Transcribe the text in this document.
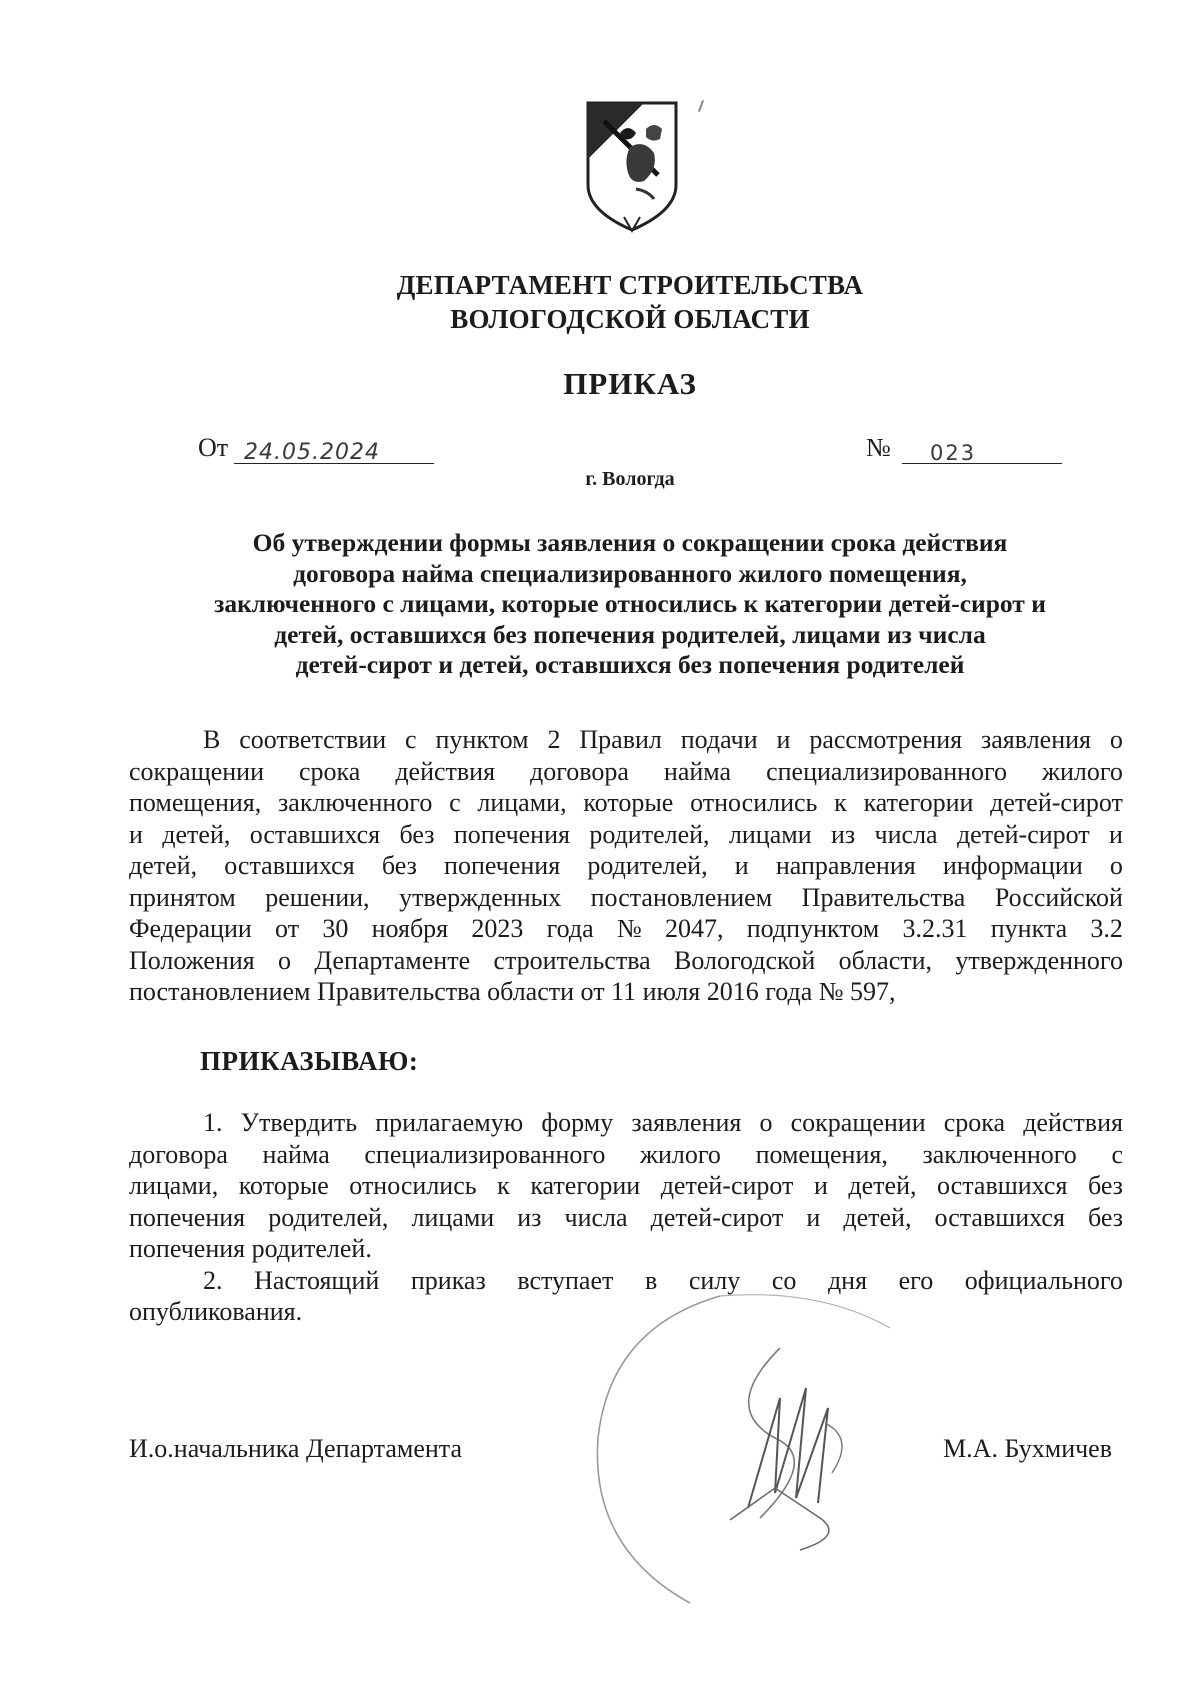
ДЕПАРТАМЕНТ СТРОИТЕЛЬСТВА
ВОЛОГОДСКОЙ ОБЛАСТИ
ПРИКАЗ
От 24.05.2024	№ 023
г. Вологда
Об утверждении формы заявления о сокращении срока действия
договора найма специализированного жилого помещения,
заключенного с лицами, которые относились к категории детей-сирот и
детей, оставшихся без попечения родителей, лицами из числа
детей-сирот и детей, оставшихся без попечения родителей
В соответствии с пунктом 2 Правил подачи и рассмотрения заявления о
сокращении срока действия договора найма специализированного жилого
помещения, заключенного с лицами, которые относились к категории детей-сирот
и детей, оставшихся без попечения родителей, лицами из числа детей-сирот и
детей, оставшихся без попечения родителей, и направления информации о
принятом решении, утвержденных постановлением Правительства Российской
Федерации от 30 ноября 2023 года № 2047, подпунктом 3.2.31 пункта 3.2
Положения о Департаменте строительства Вологодской области, утвержденного
постановлением Правительства области от 11 июля 2016 года № 597,
ПРИКАЗЫВАЮ:
1. Утвердить прилагаемую форму заявления о сокращении срока действия
договора найма специализированного жилого помещения, заключенного с
лицами, которые относились к категории детей-сирот и детей, оставшихся без
попечения родителей, лицами из числа детей-сирот и детей, оставшихся без
попечения родителей.
2. Настоящий приказ вступает в силу со дня его официального
опубликования.
И.о.начальника Департамента	М.А. Бухмичев
